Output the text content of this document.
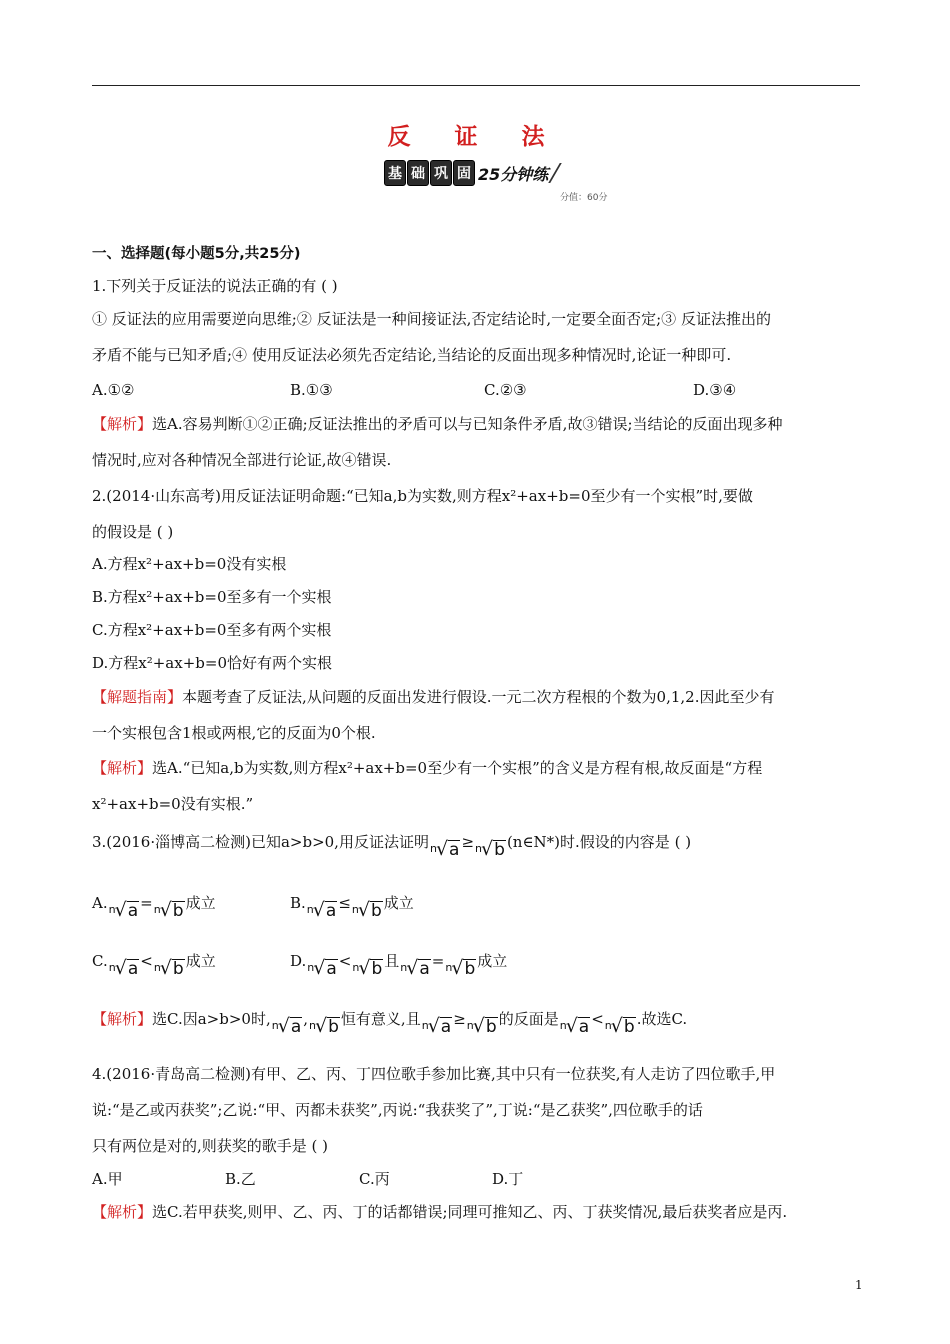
反 证 法
基 础 巩 固 25分钟练
分值：60分
一、选择题(每小题5分,共25分)
1.下列关于反证法的说法正确的有 ( )
① 反证法的应用需要逆向思维;② 反证法是一种间接证法,否定结论时,一定要全面否定;③ 反证法推出的
矛盾不能与已知矛盾;④ 使用反证法必须先否定结论,当结论的反面出现多种情况时,论证一种即可.
A.①②	B.①③	C.②③	D.③④
【解析】选A.容易判断①②正确;反证法推出的矛盾可以与已知条件矛盾,故③错误;当结论的反面出现多种
情况时,应对各种情况全部进行论证,故④错误.
2.(2014·山东高考)用反证法证明命题:“已知a,b为实数,则方程x²+ax+b=0至少有一个实根”时,要做
的假设是 ( )
A.方程x²+ax+b=0没有实根
B.方程x²+ax+b=0至多有一个实根
C.方程x²+ax+b=0至多有两个实根
D.方程x²+ax+b=0恰好有两个实根
【解题指南】本题考查了反证法,从问题的反面出发进行假设.一元二次方程根的个数为0,1,2.因此至少有
一个实根包含1根或两根,它的反面为0个根.
【解析】选A.“已知a,b为实数,则方程x²+ax+b=0至少有一个实根”的含义是方程有根,故反面是“方程
x²+ax+b=0没有实根.”
3.(2016·淄博高二检测)已知a>b>0,用反证法证明 n √ a ≥ n √ b (n∈N*)时.假设的内容是 ( )
A. n √ a = n √ b 成立	B. n √ a ≤ n √ b 成立
C. n √ a < n √ b 成立	D. n √ a < n √ b 且 n √ a = n √ b 成立
【解析】选C.因a>b>0时, n √ a , n √ b 恒有意义,且 n √ a ≥ n √ b 的反面是 n √ a < n √ b .故选C.
4.(2016·青岛高二检测)有甲、乙、丙、丁四位歌手参加比赛,其中只有一位获奖,有人走访了四位歌手,甲
说:“是乙或丙获奖”;乙说:“甲、丙都未获奖”,丙说:“我获奖了”,丁说:“是乙获奖”,四位歌手的话
只有两位是对的,则获奖的歌手是 ( )
A.甲	B.乙	C.丙	D.丁
【解析】选C.若甲获奖,则甲、乙、丙、丁的话都错误;同理可推知乙、丙、丁获奖情况,最后获奖者应是丙.
1
